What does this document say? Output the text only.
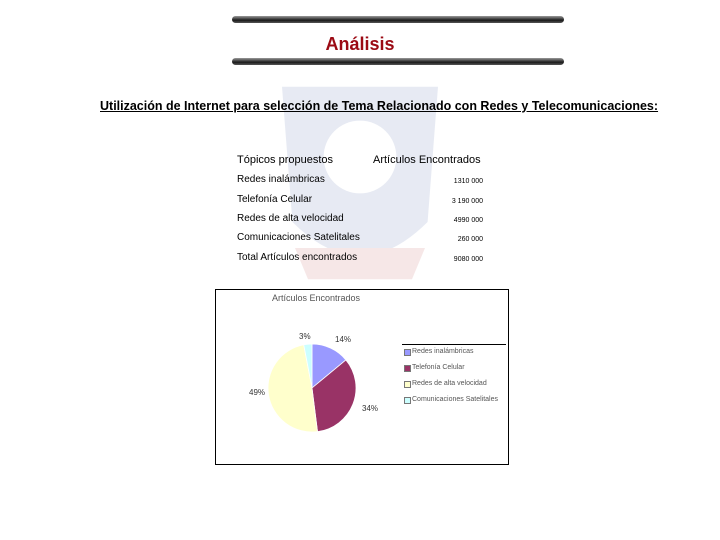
Análisis
Utilización de Internet para selección de Tema Relacionado con Redes y Telecomunicaciones:
Tópicos propuestos	Artículos Encontrados
Redes inalámbricas	1310 000
Telefonía Celular	3 190 000
Redes de alta velocidad	4990 000
Comunicaciones Satelitales	260 000
Total Artículos encontrados	9080 000
Artículos Encontrados
3%	14%
49%
34%
Redes inalámbricas
Telefonía Celular
Redes de alta velocidad
Comunicaciones Satelitales
